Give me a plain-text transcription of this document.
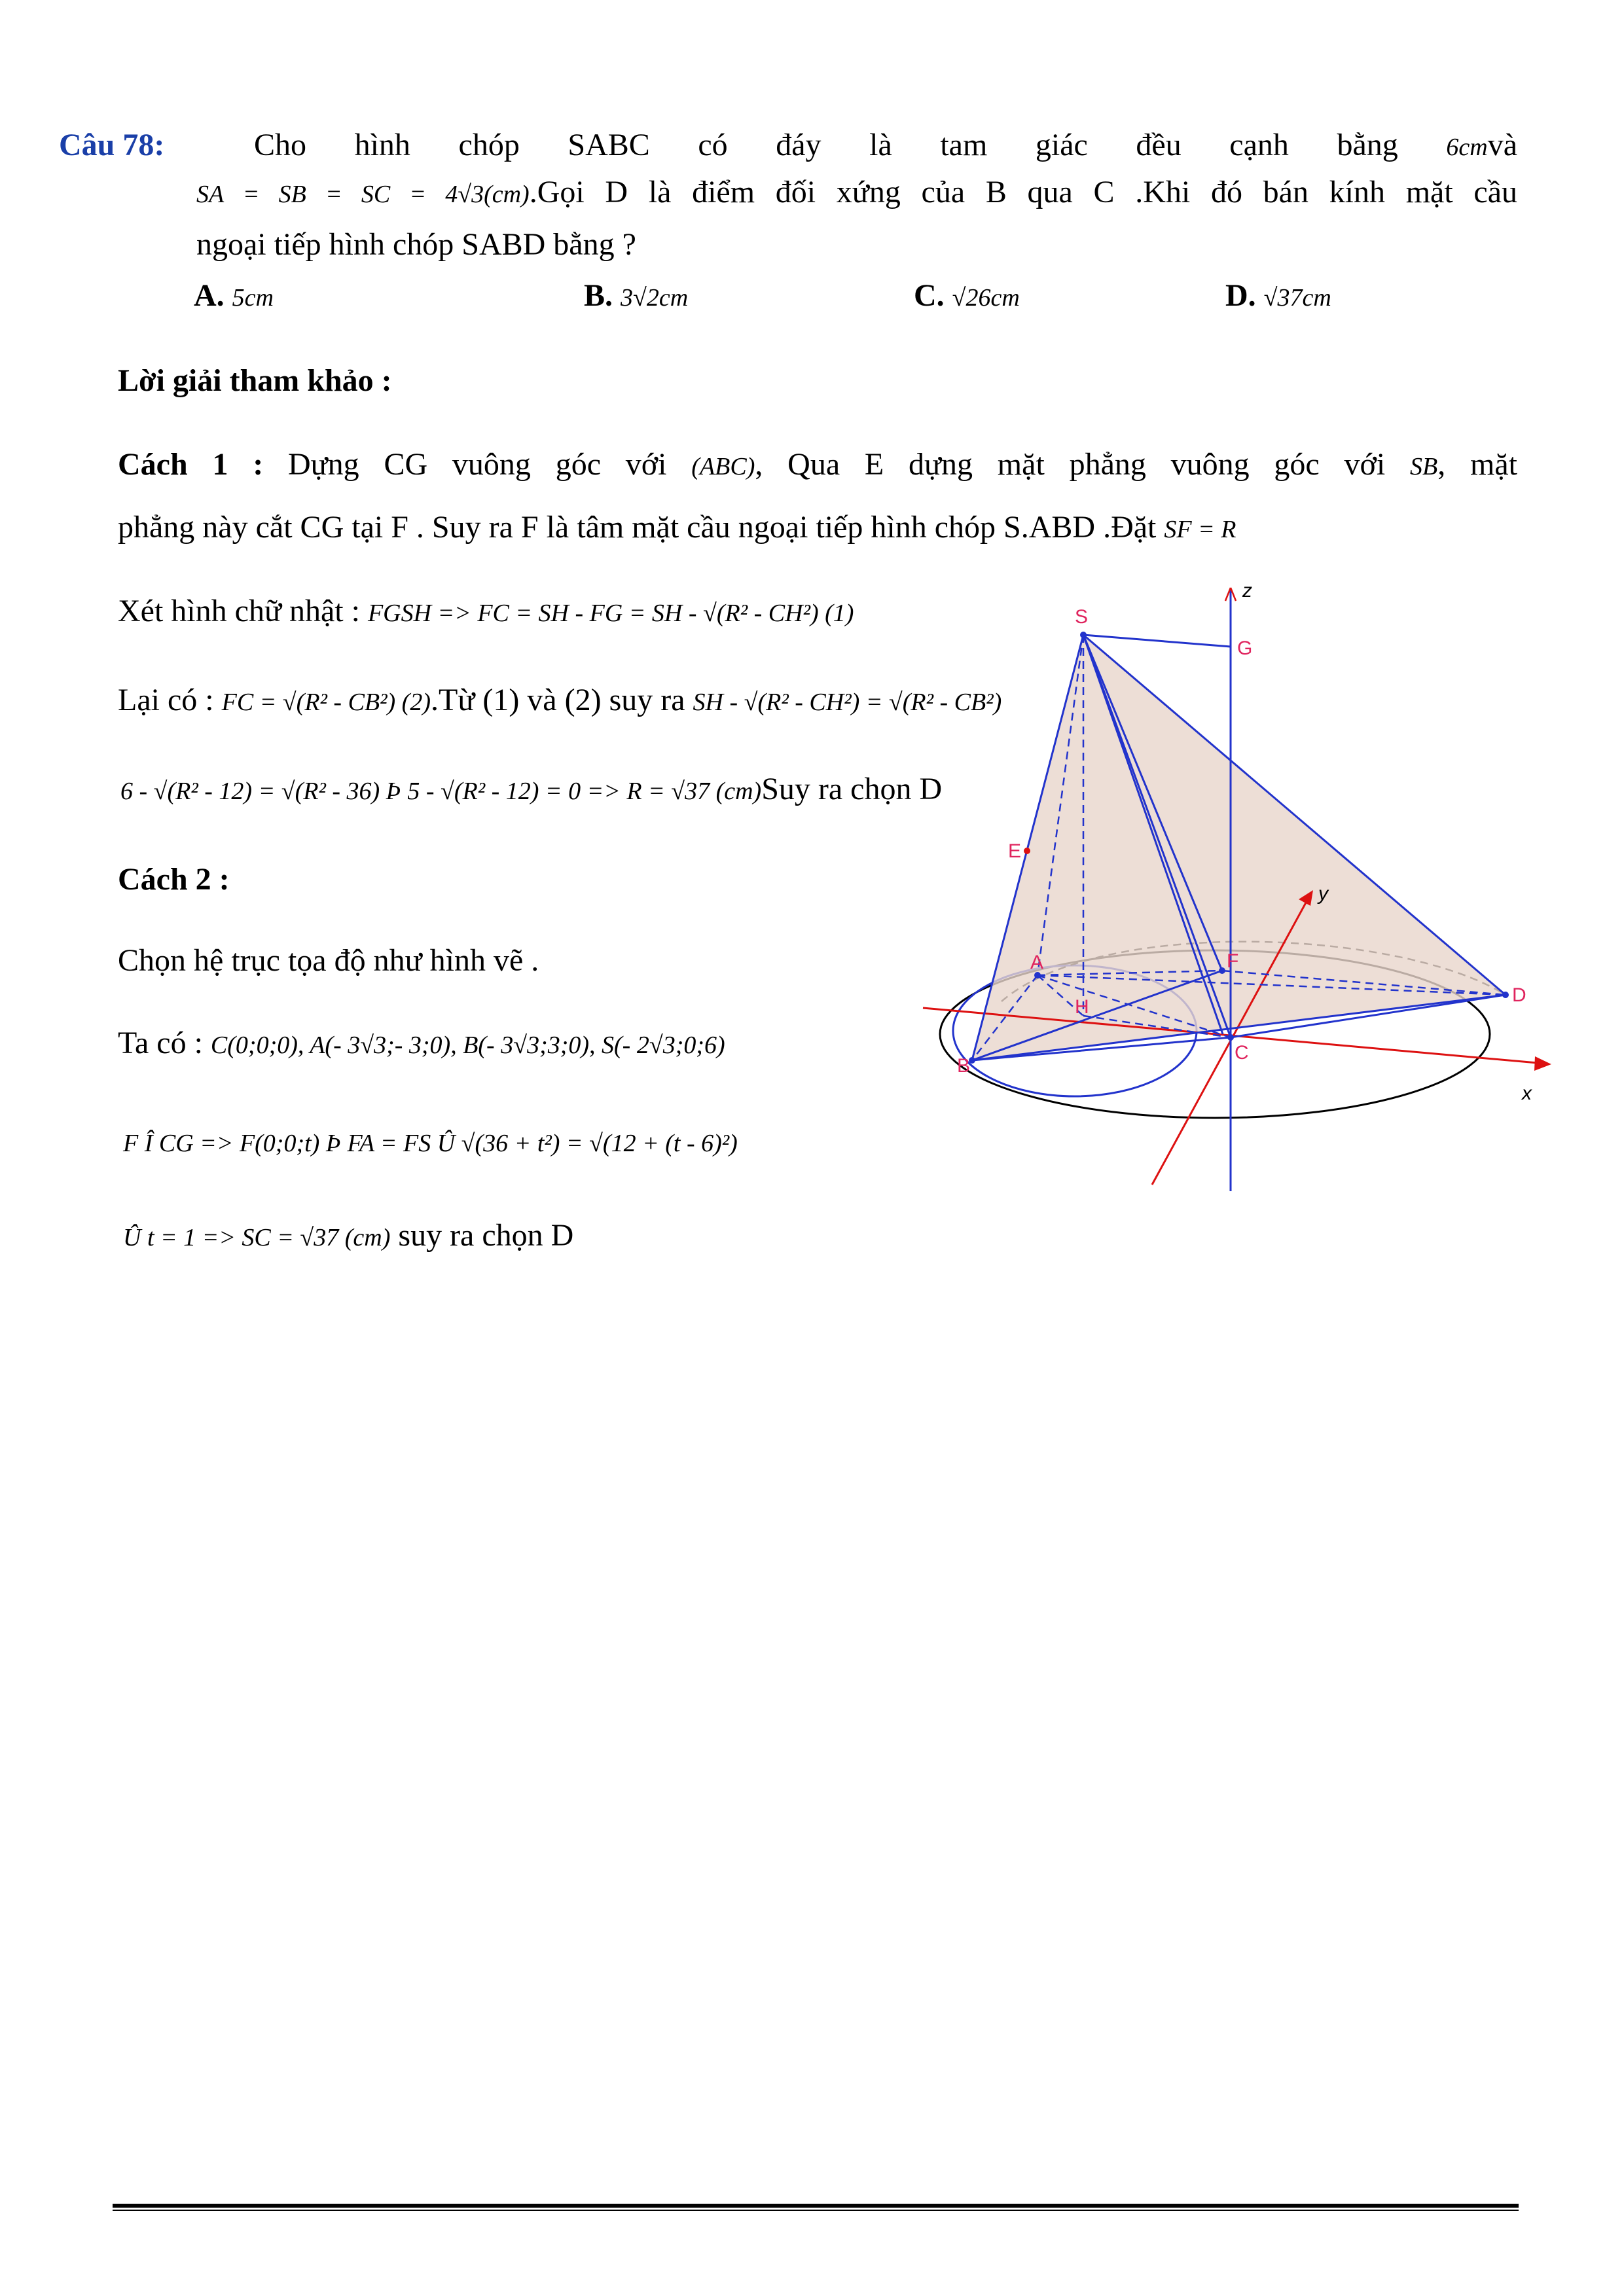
Câu 78:	Cho hình chóp SABC có đáy là tam giác đều cạnh bằng 6cmvà
SA = SB = SC = 4√3(cm).Gọi D là điểm đối xứng của B qua C .Khi đó bán kính mặt cầu
ngoại tiếp hình chóp SABD bằng ?
A. 5cm	B. 3√2cm	C. √26cm	D. √37cm
Lời giải tham khảo :
Cách 1 : Dựng CG vuông góc với (ABC), Qua E dựng mặt phẳng vuông góc với SB, mặt
phẳng này cắt CG tại F . Suy ra F là tâm mặt cầu ngoại tiếp hình chóp S.ABD .Đặt SF = R
Xét hình chữ nhật : FGSH => FC = SH - FG = SH - √(R² - CH²) (1)
Lại có : FC = √(R² - CB²) (2).Từ (1) và (2) suy ra SH - √(R² - CH²) = √(R² - CB²)
6 - √(R² - 12) = √(R² - 36) Þ 5 - √(R² - 12) = 0 => R = √37 (cm)Suy ra chọn D
Cách 2 :
Chọn hệ trục tọa độ như hình vẽ .
Ta có : C(0;0;0), A(- 3√3;- 3;0), B(- 3√3;3;0), S(- 2√3;0;6)
F Î CG => F(0;0;t) Þ FA = FS Û √(36 + t²) = √(12 + (t - 6)²)
Û t = 1 => SC = √37 (cm) suy ra chọn D
S
G
z
E
A
H
F
y
D
B
C
x
